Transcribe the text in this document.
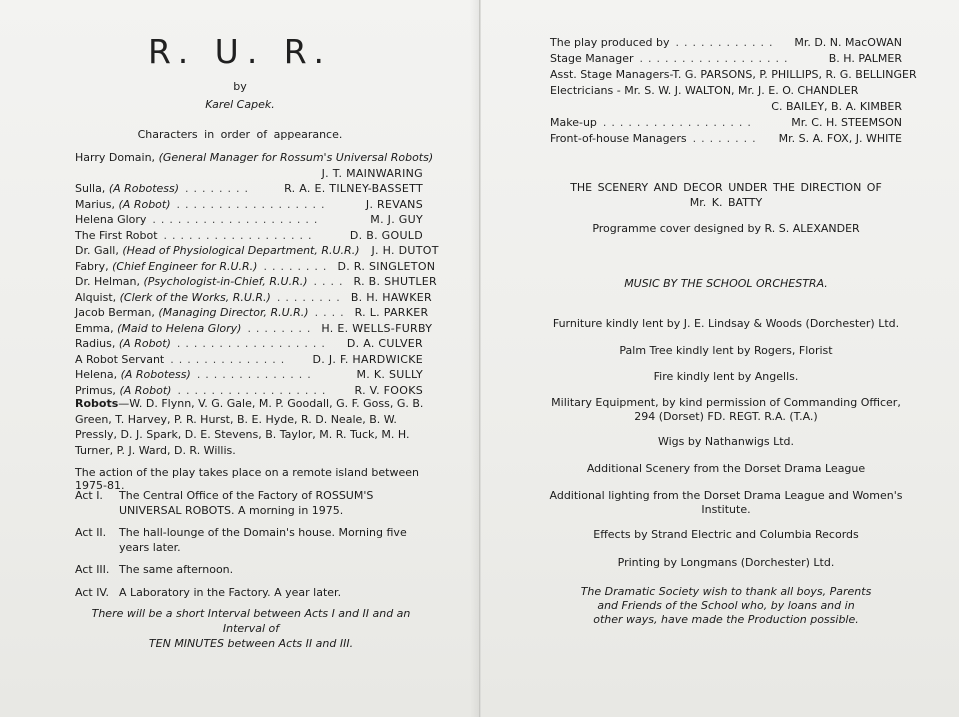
R. U. R.
by
Karel Capek.
Characters in order of appearance.
Harry Domain, (General Manager for Rossum's Universal Robots)
J. T. MAINWARING
Sulla, (A Robotess) ........	R. A. E. TILNEY-BASSETT
Marius, (A Robot) ..................	J. REVANS
Helena Glory ....................	M. J. GUY
The First Robot ..................	D. B. GOULD
Dr. Gall, (Head of Physiological Department, R.U.R.) J. H. DUTOT
Fabry, (Chief Engineer for R.U.R.) ........ D. R. SINGLETON
Dr. Helman, (Psychologist-in-Chief, R.U.R.) .... R. B. SHUTLER
Alquist, (Clerk of the Works, R.U.R.) ........ B. H. HAWKER
Jacob Berman, (Managing Director, R.U.R.) .... R. L. PARKER
Emma, (Maid to Helena Glory) ........ H. E. WELLS-FURBY
Radius, (A Robot) ..................	D. A. CULVER
A Robot Servant ..............	D. J. F. HARDWICKE
Helena, (A Robotess) ..............	M. K. SULLY
Primus, (A Robot) ..................	R. V. FOOKS
Robots—W. D. Flynn, V. G. Gale, M. P. Goodall, G. F. Goss, G. B. Green, T. Harvey, P. R. Hurst, B. E. Hyde, R. D. Neale, B. W. Pressly, D. J. Spark, D. E. Stevens, B. Taylor, M. R. Tuck, M. H. Turner, P. J. Ward, D. R. Willis.
The action of the play takes place on a remote island between 1975-81.
Act I.	The Central Office of the Factory of ROSSUM'S UNIVERSAL ROBOTS. A morning in 1975.
Act II.	The hall-lounge of the Domain's house. Morning five years later.
Act III. The same afternoon.
Act IV. A Laboratory in the Factory. A year later.
There will be a short Interval between Acts I and II and an Interval of
TEN MINUTES between Acts II and III.
The play produced by ............	Mr. D. N. MacOWAN
Stage Manager ..................	B. H. PALMER
Asst. Stage Managers-T. G. PARSONS, P. PHILLIPS, R. G. BELLINGER
Electricians - Mr. S. W. J. WALTON, Mr. J. E. O. CHANDLER
C. BAILEY, B. A. KIMBER
Make-up ..................	Mr. C. H. STEEMSON
Front-of-house Managers ........	Mr. S. A. FOX, J. WHITE
THE SCENERY AND DECOR UNDER THE DIRECTION OF
Mr. K. BATTY
Programme cover designed by R. S. ALEXANDER
MUSIC BY THE SCHOOL ORCHESTRA.
Furniture kindly lent by J. E. Lindsay & Woods (Dorchester) Ltd.
Palm Tree kindly lent by Rogers, Florist
Fire kindly lent by Angells.
Military Equipment, by kind permission of Commanding Officer,
294 (Dorset) FD. REGT. R.A. (T.A.)
Wigs by Nathanwigs Ltd.
Additional Scenery from the Dorset Drama League
Additional lighting from the Dorset Drama League and Women's
Institute.
Effects by Strand Electric and Columbia Records
Printing by Longmans (Dorchester) Ltd.
The Dramatic Society wish to thank all boys, Parents
and Friends of the School who, by loans and in
other ways, have made the Production possible.
